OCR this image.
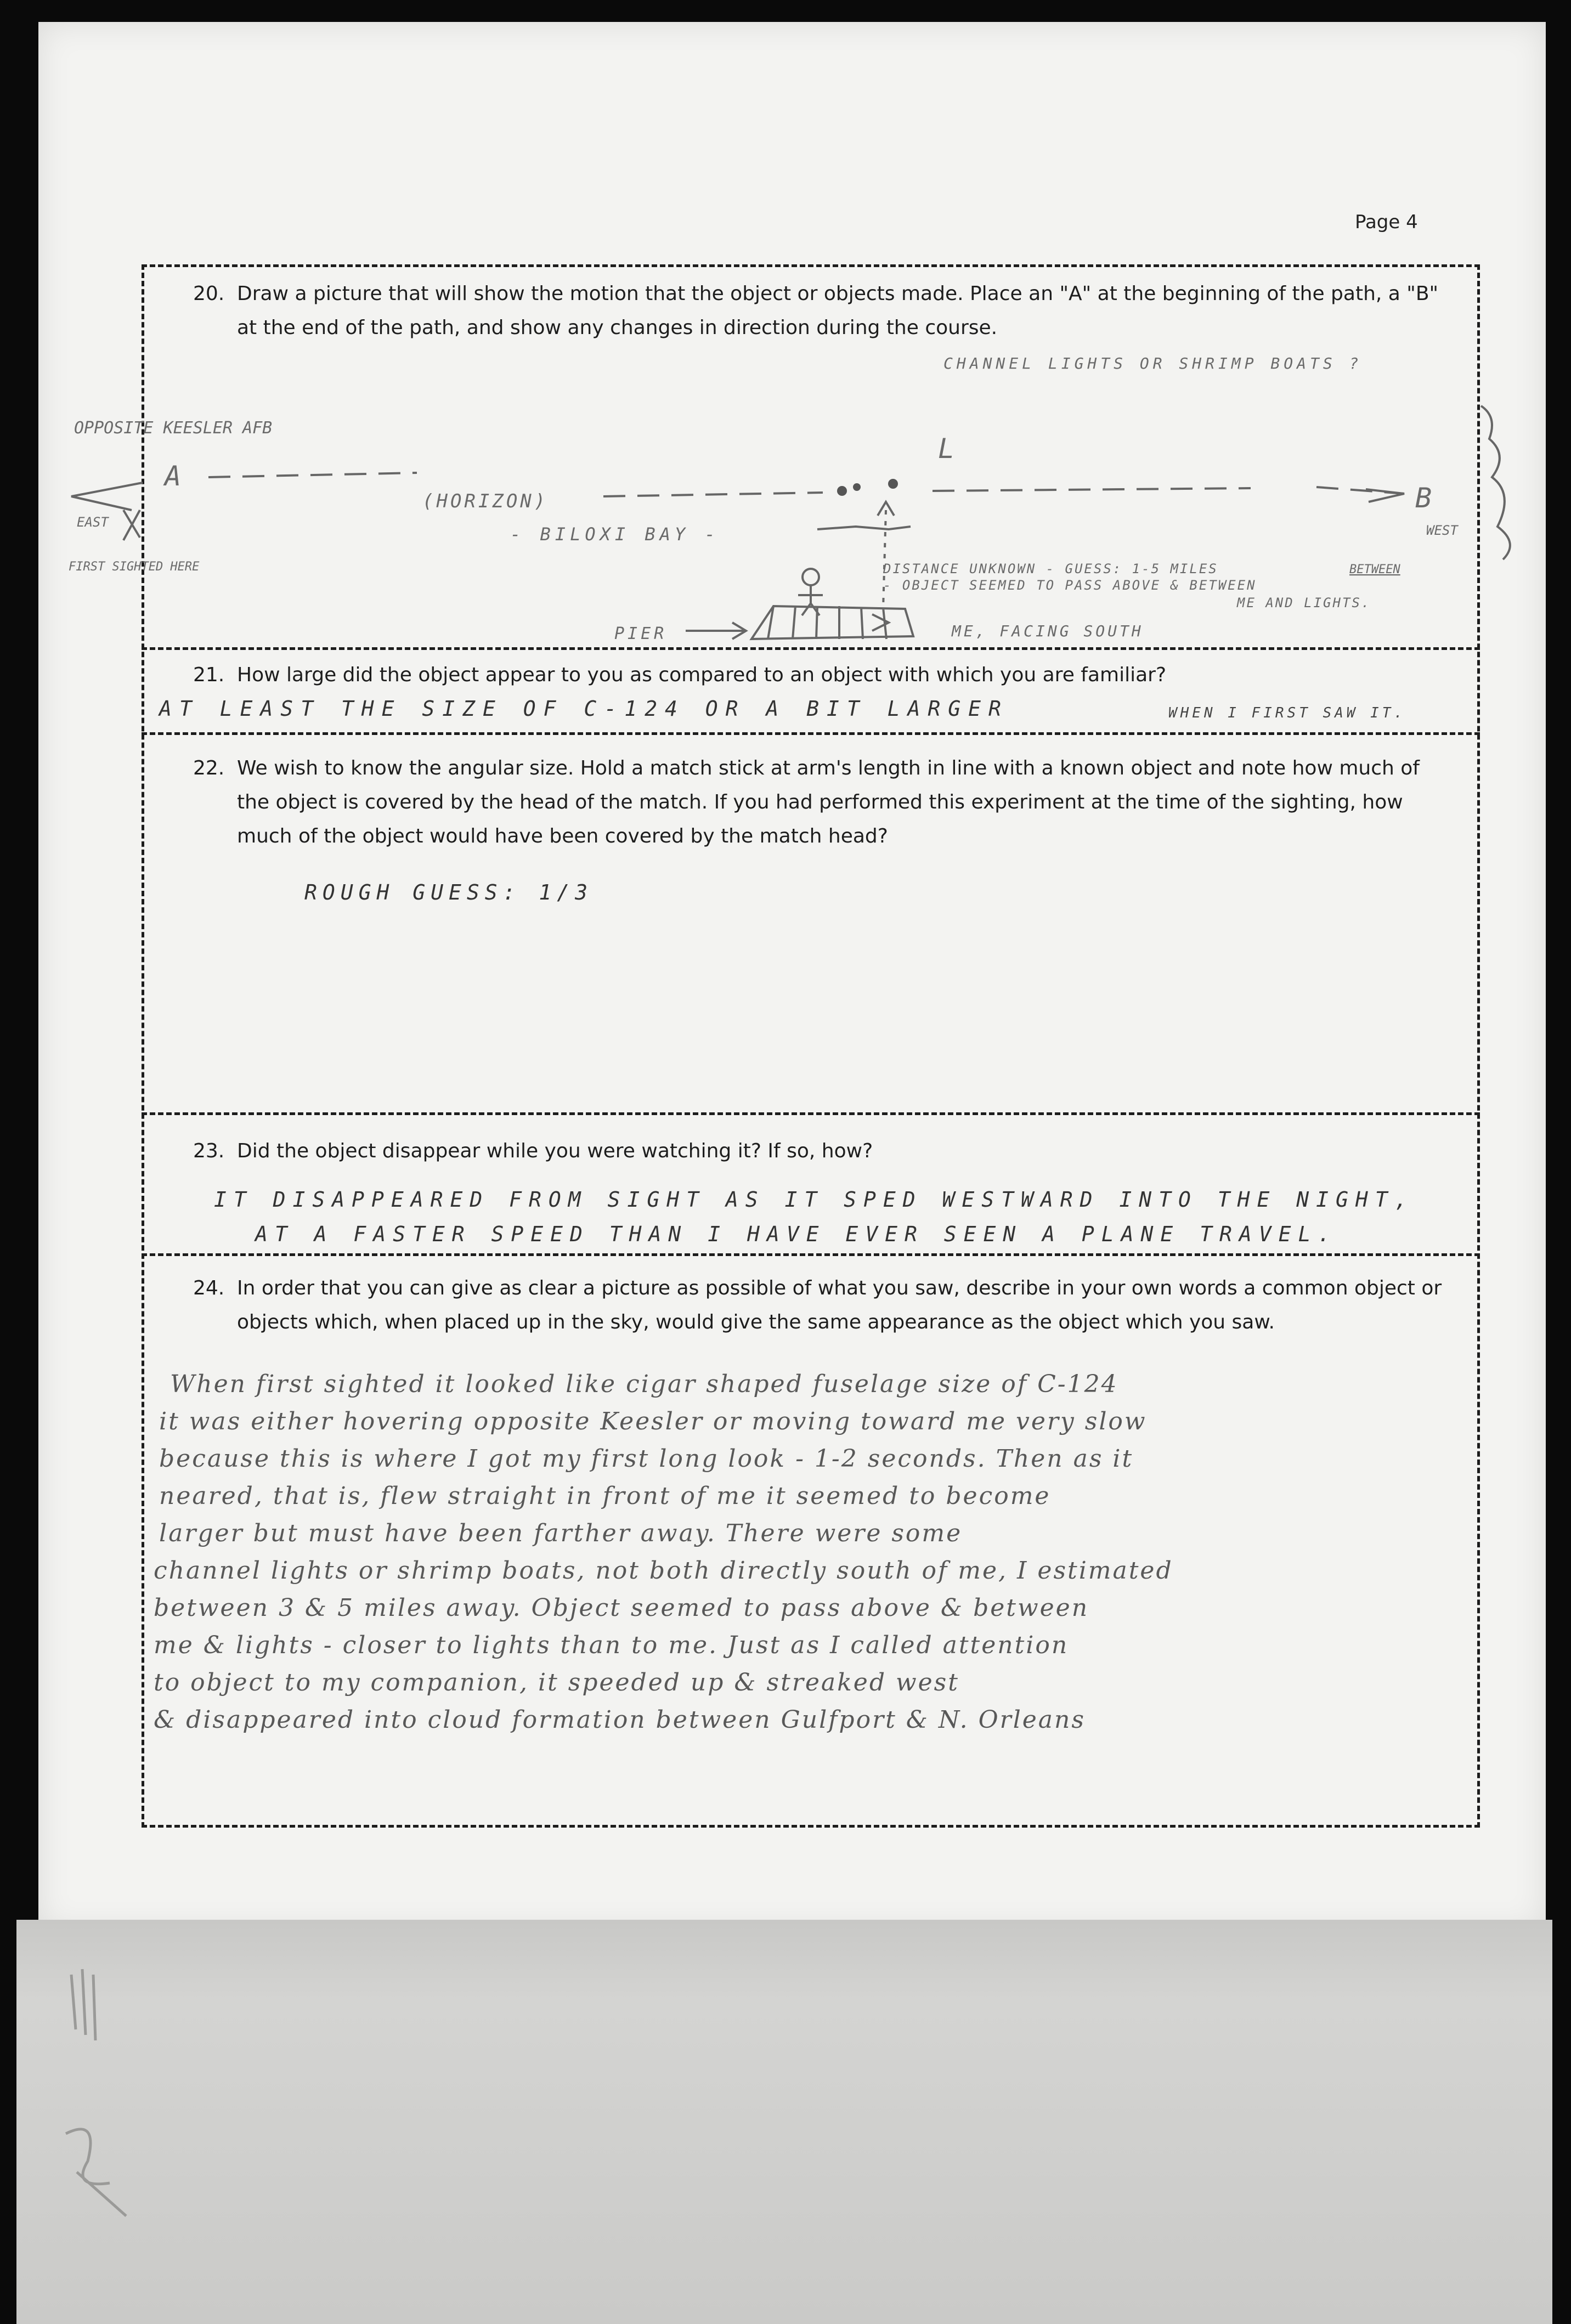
Page 4
20. Draw a picture that will show the motion that the object or objects made. Place an "A" at the beginning of the path, a "B" at the end of the path, and show any changes in direction during the course.
CHANNEL LIGHTS OR SHRIMP BOATS ?
OPPOSITE KEESLER AFB
A
B
L
(HORIZON)
- BILOXI BAY -
EAST
WEST
FIRST SIGHTED HERE	DISTANCE UNKNOWN - GUESS: 1-5 MILES	BETWEEN
- OBJECT SEEMED TO PASS ABOVE & BETWEEN
ME AND LIGHTS.
PIER	ME, FACING SOUTH
21. How large did the object appear to you as compared to an object with which you are familiar?
AT LEAST THE SIZE OF C-124 OR A BIT LARGER	WHEN I FIRST SAW IT.
22. We wish to know the angular size. Hold a match stick at arm's length in line with a known object and note how much of the object is covered by the head of the match. If you had performed this experiment at the time of the sighting, how much of the object would have been covered by the match head?
ROUGH GUESS: 1/3
23. Did the object disappear while you were watching it? If so, how?
IT DISAPPEARED FROM SIGHT AS IT SPED WESTWARD INTO THE NIGHT,
AT A FASTER SPEED THAN I HAVE EVER SEEN A PLANE TRAVEL.
24. In order that you can give as clear a picture as possible of what you saw, describe in your own words a common object or objects which, when placed up in the sky, would give the same appearance as the object which you saw.
When first sighted it looked like cigar shaped fuselage size of C-124
it was either hovering opposite Keesler or moving toward me very slow
because this is where I got my first long look - 1-2 seconds. Then as it
neared, that is, flew straight in front of me it seemed to become
larger but must have been farther away. There were some
channel lights or shrimp boats, not both directly south of me, I estimated
between 3 & 5 miles away. Object seemed to pass above & between
me & lights - closer to lights than to me. Just as I called attention
to object to my companion, it speeded up & streaked west
& disappeared into cloud formation between Gulfport & N. Orleans
